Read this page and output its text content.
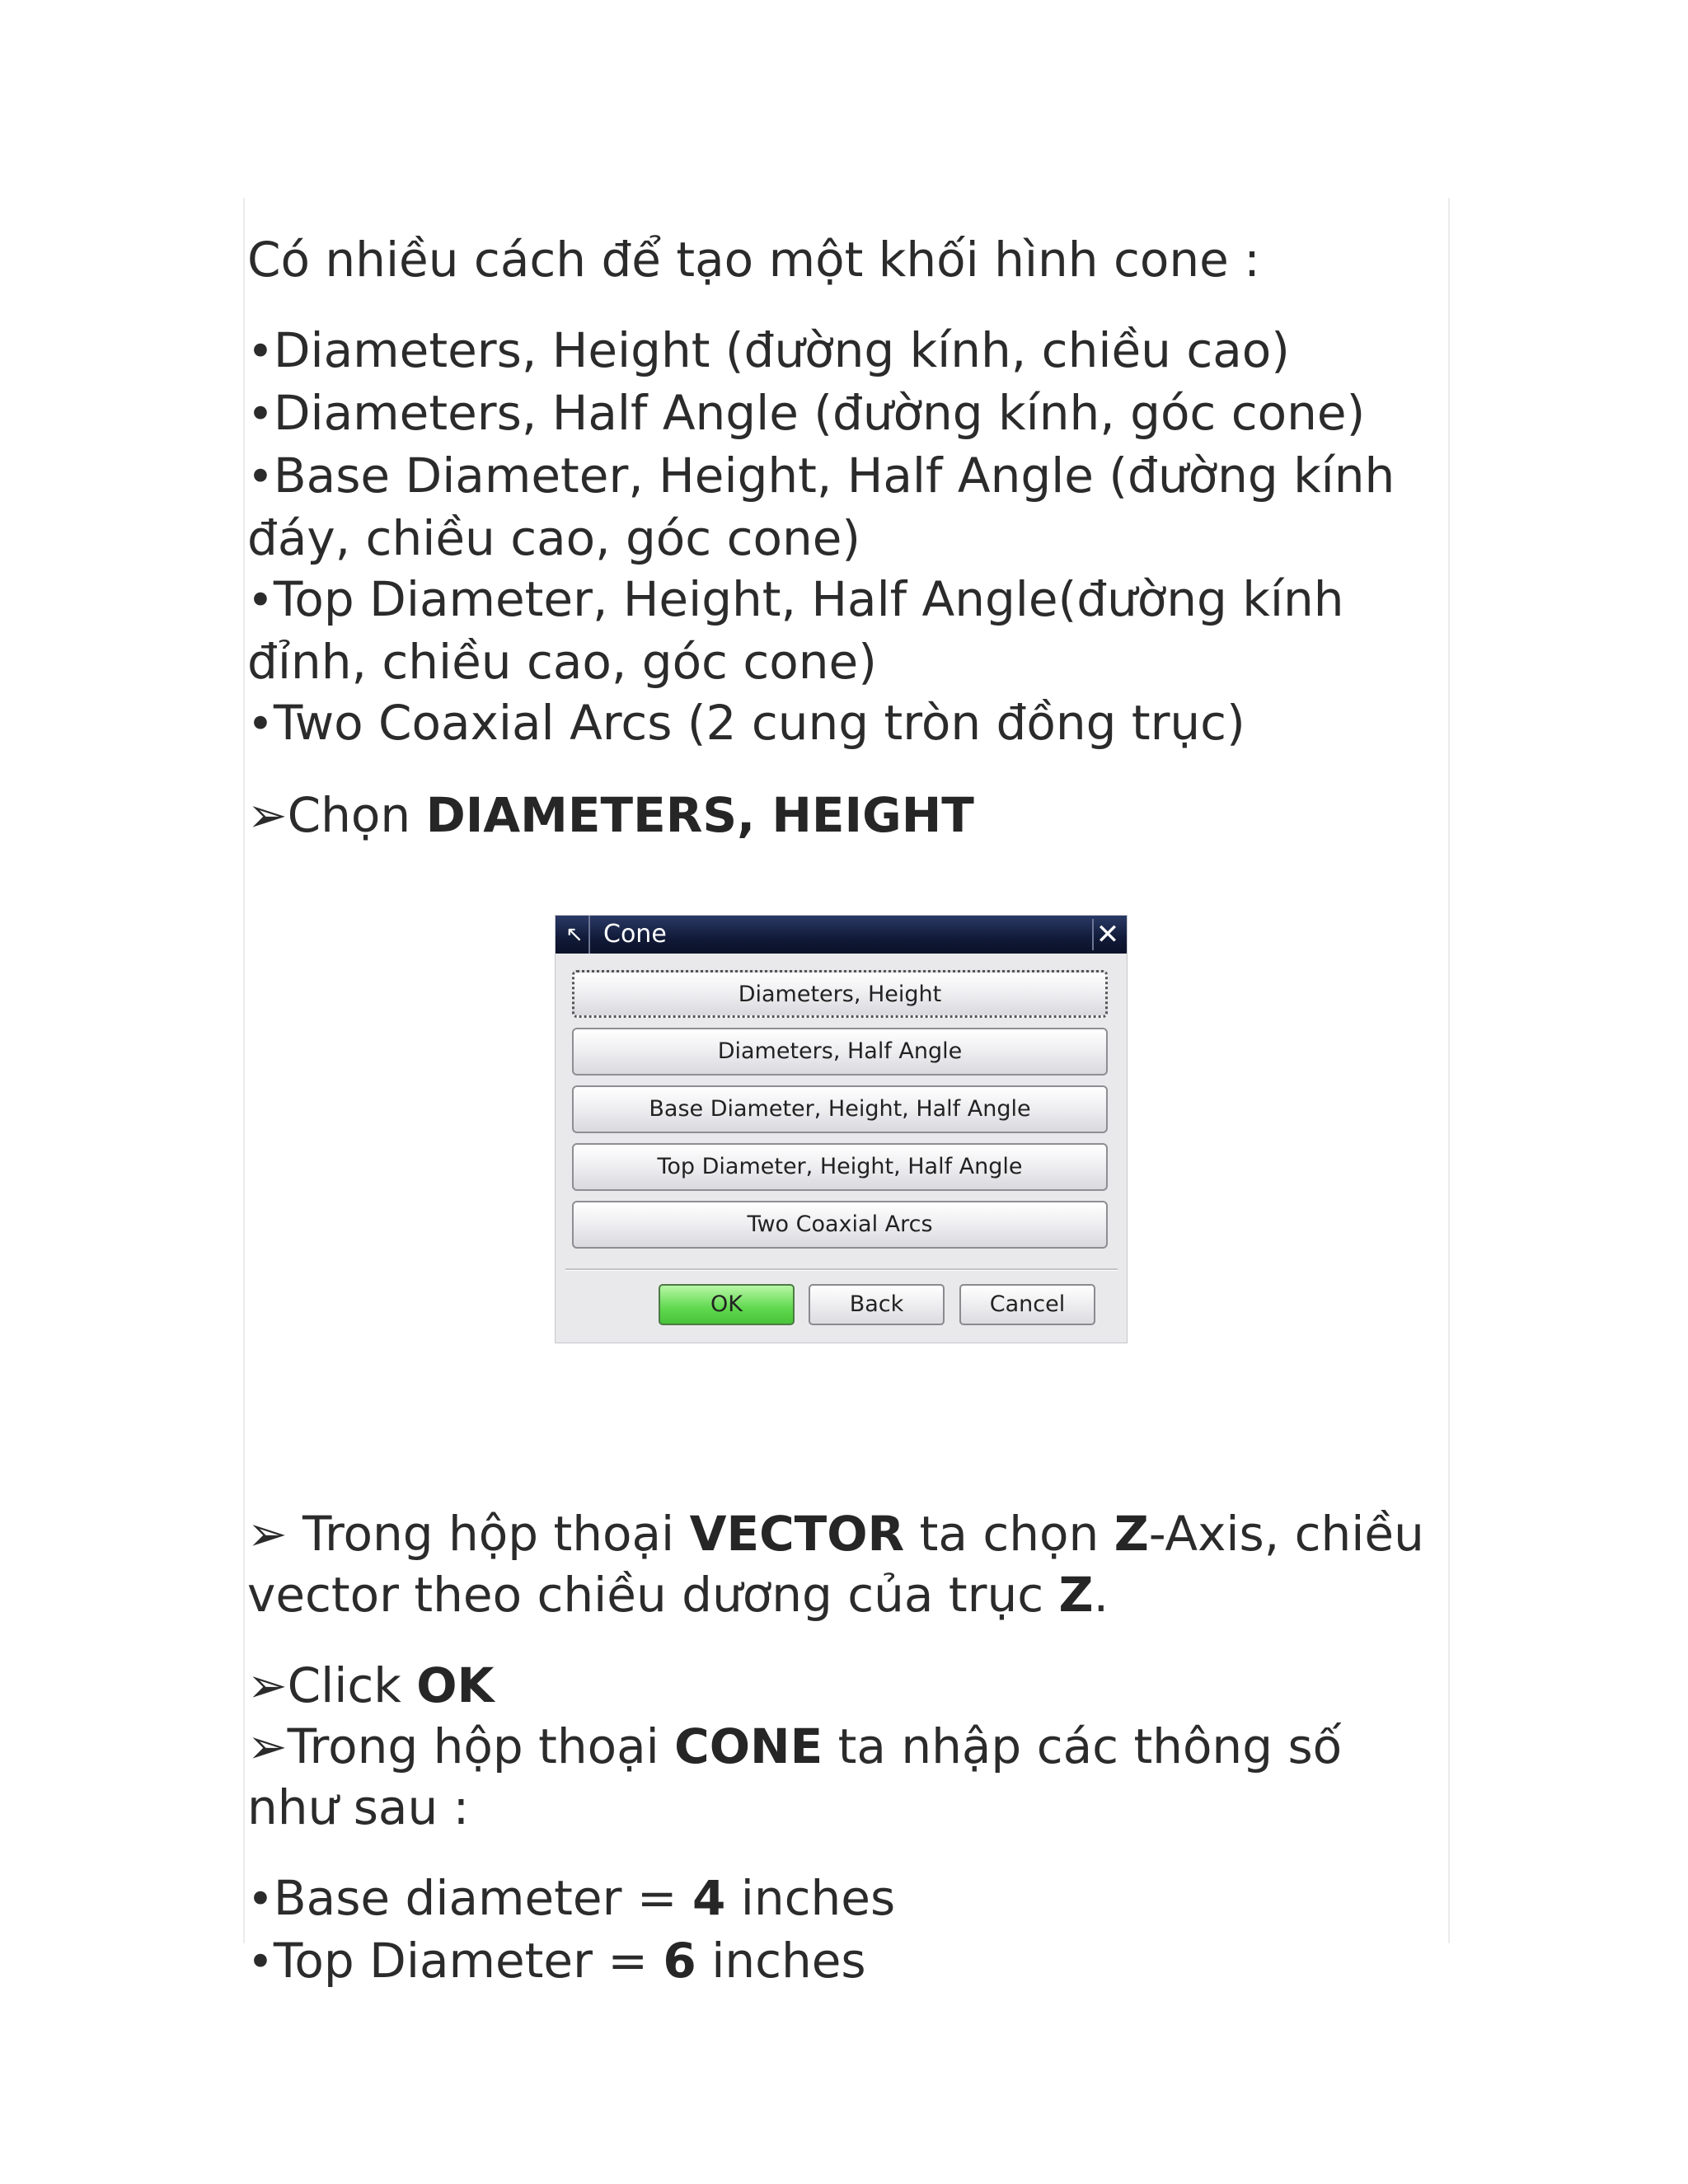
Có nhiều cách để tạo một khối hình cone :

• Diameters, Height (đường kính, chiều cao)

• Diameters, Half Angle (đường kính, góc cone)

• Base Diameter, Height, Half Angle (đường kính đáy, chiều cao, góc cone)

• Top Diameter, Height, Half Angle(đường kính đỉnh, chiều cao, góc cone)

• Two Coaxial Arcs (2 cung tròn đồng trục)

➢Chọn DIAMETERS, HEIGHT

➢ Trong hộp thoại VECTOR ta chọn Z-Axis, chiều vector theo chiều dương của trục Z.

➢Click OK

➢Trong hộp thoại CONE ta nhập các thông số như sau :

• Base diameter = 4 inches

• Top Diameter = 6 inches

↖ Cone	✕
Diameters, Height
Diameters, Half Angle
Base Diameter, Height, Half Angle
Top Diameter, Height, Half Angle
Two Coaxial Arcs
OK	Back	Cancel
